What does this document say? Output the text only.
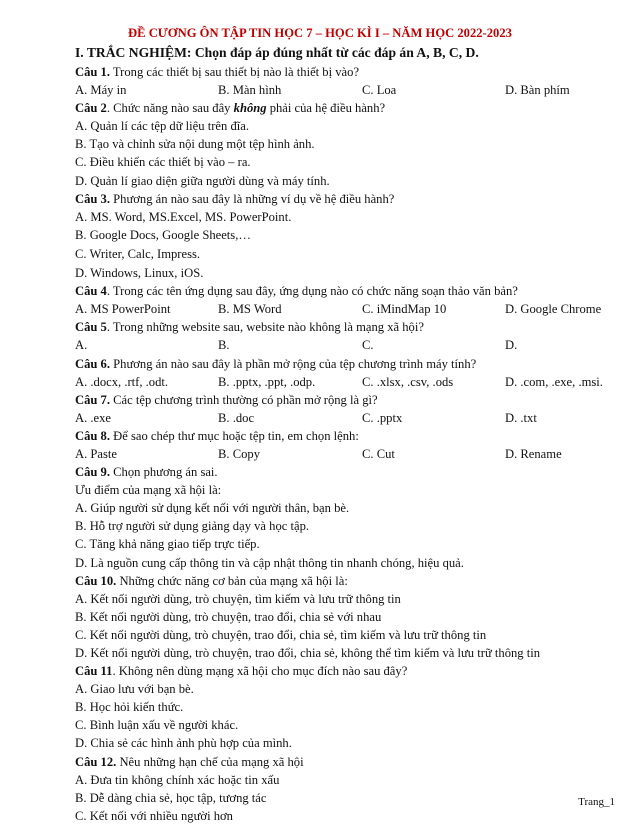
ĐỀ CƯƠNG ÔN TẬP TIN HỌC 7 – HỌC KÌ I – NĂM HỌC 2022-2023
I. TRẮC NGHIỆM: Chọn đáp áp đúng nhất từ các đáp án A, B, C, D.
Câu 1. Trong các thiết bị sau thiết bị nào là thiết bị vào?
A. Máy in	B. Màn hình	C. Loa	D. Bàn phím
Câu 2. Chức năng nào sau đây không phải của hệ điều hành?
A. Quản lí các tệp dữ liệu trên đĩa.
B. Tạo và chỉnh sửa nội dung một tệp hình ảnh.
C. Điều khiển các thiết bị vào – ra.
D. Quản lí giao diện giữa người dùng và máy tính.
Câu 3. Phương án nào sau đây là những ví dụ về hệ điều hành?
A. MS. Word, MS.Excel, MS. PowerPoint.
B. Google Docs, Google Sheets,…
C. Writer, Calc, Impress.
D. Windows, Linux, iOS.
Câu 4. Trong các tên ứng dụng sau đây, ứng dụng nào có chức năng soạn thảo văn bản?
A. MS PowerPoint	B. MS Word	C. iMindMap 10	D. Google Chrome
Câu 5. Trong những website sau, website nào không là mạng xã hội?
A.	B.	C.	D.
Câu 6. Phương án nào sau đây là phần mở rộng của tệp chương trình máy tính?
A. .docx, .rtf, .odt.	B. .pptx, .ppt, .odp.	C. .xlsx, .csv, .ods	D. .com, .exe, .msi.
Câu 7. Các tệp chương trình thường có phần mở rộng là gì?
A. .exe	B. .doc	C. .pptx	D. .txt
Câu 8. Để sao chép thư mục hoặc tệp tin, em chọn lệnh:
A. Paste	B. Copy	C. Cut	D. Rename
Câu 9. Chọn phương án sai.
Ưu điểm của mạng xã hội là:
A. Giúp người sử dụng kết nối với người thân, bạn bè.
B. Hỗ trợ người sử dụng giảng dạy và học tập.
C. Tăng khả năng giao tiếp trực tiếp.
D. Là nguồn cung cấp thông tin và cập nhật thông tin nhanh chóng, hiệu quả.
Câu 10. Những chức năng cơ bản của mạng xã hội là:
A. Kết nối người dùng, trò chuyện, tìm kiếm và lưu trữ thông tin
B. Kết nối người dùng, trò chuyện, trao đổi, chia sẻ với nhau
C. Kết nối người dùng, trò chuyện, trao đổi, chia sẻ, tìm kiếm và lưu trữ thông tin
D. Kết nối người dùng, trò chuyện, trao đổi, chia sẻ, không thể tìm kiếm và lưu trữ thông tin
Câu 11. Không nên dùng mạng xã hội cho mục đích nào sau đây?
A. Giao lưu với bạn bè.
B. Học hỏi kiến thức.
C. Bình luận xấu về người khác.
D. Chia sẻ các hình ảnh phù hợp của mình.
Câu 12. Nêu những hạn chế của mạng xã hội
A. Đưa tin không chính xác hoặc tin xấu
B. Dễ dàng chia sẻ, học tập, tương tác
C. Kết nối với nhiều người hơn
Trang_1
